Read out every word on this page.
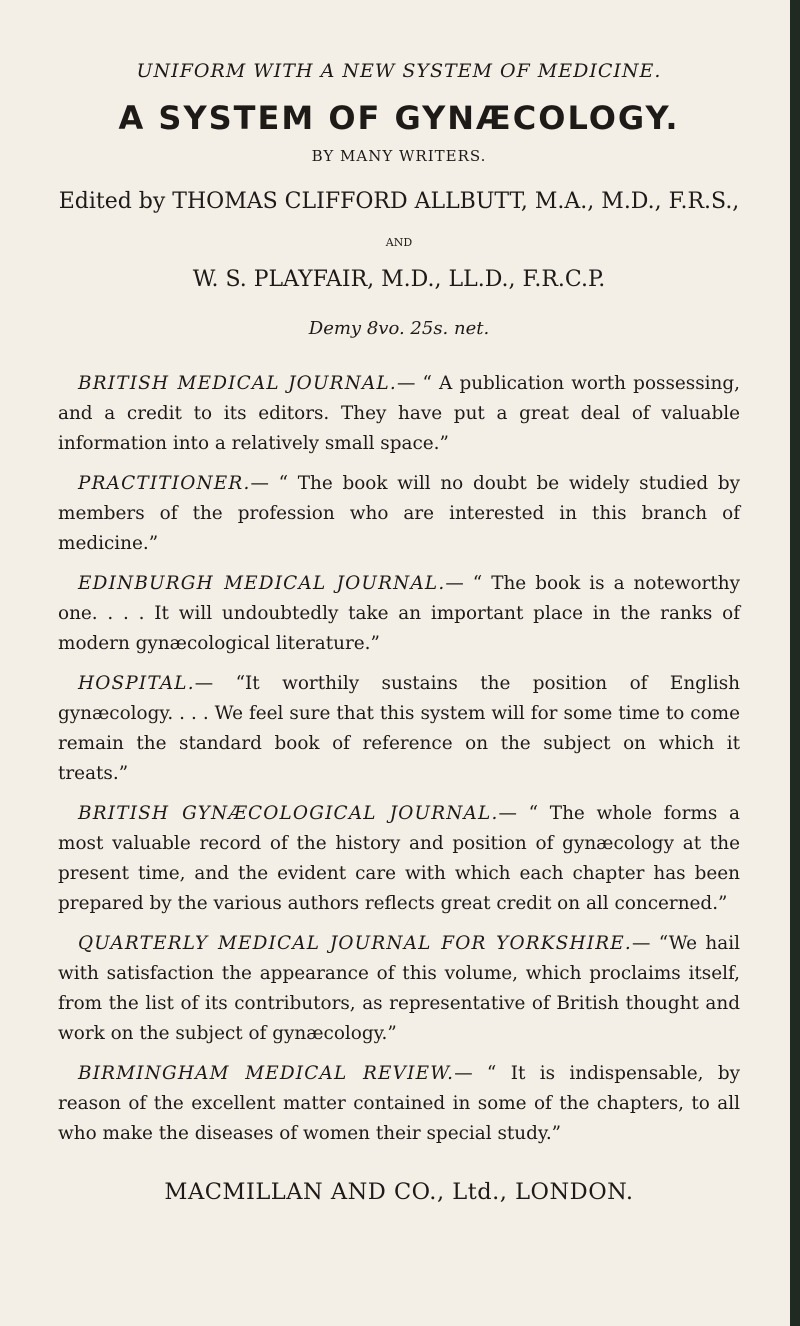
UNIFORM WITH A NEW SYSTEM OF MEDICINE.

A SYSTEM OF GYNÆCOLOGY.

BY MANY WRITERS.

Edited by THOMAS CLIFFORD ALLBUTT, M.A., M.D., F.R.S.,

AND

W. S. PLAYFAIR, M.D., LL.D., F.R.C.P.

Demy 8vo. 25s. net.

BRITISH MEDICAL JOURNAL.— “ A publication worth possessing, and a credit to its editors. They have put a great deal of valuable information into a relatively small space.”

PRACTITIONER.— “ The book will no doubt be widely studied by members of the profession who are interested in this branch of medicine.”

EDINBURGH MEDICAL JOURNAL.— “ The book is a noteworthy one. . . . It will undoubtedly take an important place in the ranks of modern gynæcological literature.”

HOSPITAL.— “It worthily sustains the position of English gynæcology. . . . We feel sure that this system will for some time to come remain the standard book of reference on the subject on which it treats.”

BRITISH GYNÆCOLOGICAL JOURNAL.— “ The whole forms a most valuable record of the history and position of gynæcology at the present time, and the evident care with which each chapter has been prepared by the various authors reflects great credit on all concerned.”

QUARTERLY MEDICAL JOURNAL FOR YORKSHIRE.— “We hail with satisfaction the appearance of this volume, which proclaims itself, from the list of its contributors, as representative of British thought and work on the subject of gynæcology.”

BIRMINGHAM MEDICAL REVIEW.— “ It is indispensable, by reason of the excellent matter contained in some of the chapters, to all who make the diseases of women their special study.”

MACMILLAN AND CO., Ltd., LONDON.
